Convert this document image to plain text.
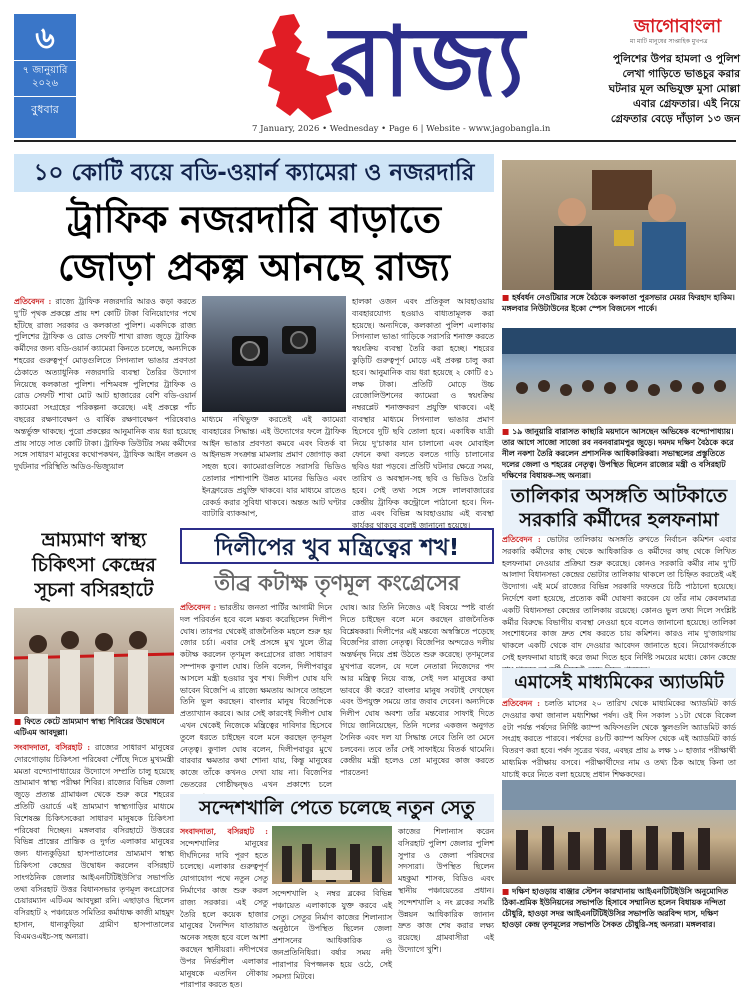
৬
৭ জানুয়ারি
২০২৬
বুধবার	রাজ্য
7 January, 2026 • Wednesday • Page 6 | Website - www.jagobangla.in
জাগোবাংলা
মা মাটি মানুষের সাপ্তাহিক মুখপত্র
পুলিশের উপর হামলা ও পুলিশ
লেখা গাড়িতে ভাঙচুর করার
ঘটনার মূল অভিযুক্ত মুসা মোল্লা
এবার গ্রেফতার। এই নিয়ে
গ্রেফতার বেড়ে দাঁড়াল ১৩ জন
১০ কোটি ব্যয়ে বডি-ওয়ার্ন ক্যামেরা ও নজরদারি
ট্রাফিক নজরদারি বাড়াতে
জোড়া প্রকল্প আনছে রাজ্য
প্রতিবেদন : রাজ্যে ট্রাফিক নজরদারি আরও কড়া করতে দু'টি পৃথক প্রকল্পে প্রায় দশ কোটি টাকা বিনিয়োগের পথে হাঁটছে রাজ্য সরকার ও কলকাতা পুলিশ। একদিকে রাজ্য পুলিশের ট্রাফিক ও রোড সেফটি শাখা রাজ্য জুড়ে ট্রাফিক কর্মীদের জন্য বডি-ওয়ার্ন ক্যামেরা কিনতে চলেছে, অন্যদিকে শহরের গুরুত্বপূর্ণ মোড়গুলিতে সিগন্যাল ভাঙার প্রবণতা ঠেকাতে অত্যাধুনিক নজরদারি ব্যবস্থা তৈরির উদ্যোগ নিয়েছে কলকাতা পুলিশ। পশ্চিমবঙ্গ পুলিশের ট্রাফিক ও রোড সেফটি শাখা মোট আট হাজারের বেশি বডি-ওয়ার্ন ক্যামেরা সংগ্রহের পরিকল্পনা করেছে। এই প্রকল্পে পাঁচ বছরের রক্ষণাবেক্ষণ ও বার্ষিক রক্ষণাবেক্ষণ পরিষেবাও অন্তর্ভুক্ত থাকছে। পুরো প্রকল্পের আনুমানিক ব্যয় ধরা হয়েছে প্রায় সাড়ে সাত কোটি টাকা। ট্রাফিক ডিউটির সময় কর্মীদের সঙ্গে সাধারণ মানুষের কথোপকথন, ট্রাফিক আইন লঙ্ঘন ও দুর্ঘটনার পরিস্থিতি অডিও-ভিজ্যুয়াল
মাধ্যমে নথিভুক্ত করতেই এই ক্যামেরা ব্যবহারের সিদ্ধান্ত। এই উদ্যোগের ফলে ট্রাফিক আইন ভাঙার প্রবণতা কমবে এবং বিতর্ক বা আইনভঙ্গ সংক্রান্ত মামলায় প্রমাণ জোগাড় করা সহজ হবে। ক্যামেরাগুলিতে সরাসরি ভিডিও তোলার পাশাপাশি উন্নত মানের ভিডিও এবং ইনফ্রারেড প্রযুক্তি থাকবে। যার মাধ্যমে রাতেও রেকর্ড করার সুবিধা থাকবে। অন্তত আট ঘণ্টার ব্যাটারি ব্যাকআপ,
হালকা ওজন এবং প্রতিকূল আবহাওয়ায় ব্যবহারযোগ্য হওয়াও বাধ্যতামূলক করা হয়েছে। অন্যদিকে, কলকাতা পুলিশ এলাকায় সিগন্যাল ভাঙা গাড়িকে সরাসরি শনাক্ত করতে স্বয়ংক্রিয় ব্যবস্থা তৈরি করা হচ্ছে। শহরের কুড়িটি গুরুত্বপূর্ণ মোড়ে এই প্রকল্প চালু করা হবে। আনুমানিক ব্যয় ধরা হয়েছে ২ কোটি ৫১ লক্ষ টাকা। প্রতিটি মোড়ে উচ্চ রেজোলিউশনের ক্যামেরা ও স্বয়ংক্রিয় নম্বরপ্লেট শনাক্তকরণ প্রযুক্তি থাকবে। এই ব্যবস্থার মাধ্যমে সিগন্যাল ভাঙার প্রমাণ হিসেবে দুটি ছবি তোলা হবে। একাধিক যাত্রী নিয়ে দু'চাকার যান চালানো এবং মোবাইল ফোনে কথা বলতে বলতে গাড়ি চালানোর ছবিও ধরা পড়বে। প্রতিটি ঘটনার ক্ষেত্রে সময়, তারিখ ও অবস্থান-সহ ছবি ও ভিডিও তৈরি হবে। সেই তথ্য সঙ্গে সঙ্গে লালবাজারের কেন্দ্রীয় ট্রাফিক কন্ট্রোলে পাঠানো হবে। দিন-রাত এবং বিভিন্ন আবহাওয়ায় এই ব্যবস্থা কার্যকর থাকবে বলেই জানানো হয়েছে।
■ হর্ষবর্ধন নেওটিয়ার সঙ্গে বৈঠকে কলকাতা পুরসভার মেয়র ফিরহাদ হাকিম। মঙ্গলবার নিউটাউনের ইকো স্পেস বিজনেস পার্কে।
■ ১৯ জানুয়ারি বারাসত কাছারি ময়দানে আসছেন অভিষেক বন্দ্যোপাধ্যায়। তার আগে সাজো সাজো রব নবনবারামপুর জুড়ে। দমদম দক্ষিণ বৈঠকে করে নীল নকশা তৈরি করলেন প্রশাসনিক আধিকারিকরা। সভাস্থলের প্রস্তুতিতে দলের জেলা ও শহরের নেতৃত্ব। উপস্থিত ছিলেন রাজ্যের মন্ত্রী ও বসিরহাট দক্ষিণের বিধায়ক-সহ অন্যরা।
তালিকার অসঙ্গতি আটকাতে
সরকারি কর্মীদের হলফনামা
প্রতিবেদন : ভোটার তালিকায় অসঙ্গতি রুখতে নির্বাচন কমিশন এবার সরকারি কর্মীদের কাছ থেকে আধিকারিক ও কর্মীদের কাছ থেকে লিখিত হলফনামা নেওয়ার প্রক্রিয়া শুরু করেছে। কোনও সরকারি কর্মীর নাম দু'টি আলাদা বিধানসভা কেন্দ্রের ভোটার তালিকায় থাকলে তা চিহ্নিত করতেই এই উদ্যোগ। এই মর্মে রাজ্যের বিভিন্ন সরকারি দফতরে চিঠি পাঠানো হয়েছে। নির্দেশে বলা হয়েছে, প্রত্যেক কর্মী ঘোষণা করবেন যে তাঁর নাম কেবলমাত্র একটি বিধানসভা কেন্দ্রের তালিকায় রয়েছে। কোনও ভুল তথ্য দিলে সংশ্লিষ্ট কর্মীর বিরুদ্ধে বিভাগীয় ব্যবস্থা নেওয়া হবে বলেও জানানো হয়েছে। তালিকা সংশোধনের কাজ দ্রুত শেষ করতে চায় কমিশন। কারও নাম দু'জায়গায় থাকলে একটি থেকে বাদ দেওয়ার আবেদন জানাতে হবে। নিয়োগকর্তাকে সেই হলফনামা যাচাই করে জমা দিতে হবে নির্দিষ্ট সময়ের মধ্যে। কোন কেন্দ্রে
এমাসেই মাধ্যমিকের অ্যাডমিট
প্রতিবেদন : চলতি মাসের ২০ তারিখ থেকে মাধ্যমিকের অ্যাডমিট কার্ড দেওয়ার কথা জানাল মধ্যশিক্ষা পর্ষদ। ওই দিন সকাল ১১টা থেকে বিকেল ৫টা পর্যন্ত পর্ষদের নির্দিষ্ট ক্যাম্প অফিসগুলি থেকে স্কুলগুলি অ্যাডমিট কার্ড সংগ্রহ করতে পারবে। পর্ষদের ৪৮টি ক্যাম্প অফিস থেকে এই অ্যাডমিট কার্ড বিতরণ করা হবে। পর্ষদ সূত্রের খবর, এবছর প্রায় ৯ লক্ষ ১০ হাজার পরীক্ষার্থী মাধ্যমিক পরীক্ষায় বসবে। পরীক্ষার্থীদের নাম ও তথ্য ঠিক আছে কিনা তা যাচাই করে নিতে বলা হয়েছে প্রধান শিক্ষকদের।
■ দক্ষিণ হাওড়ায় বাঞ্জার স্টেশন কারখানায় আইএনটিটিইউসি অনুমোদিত ঠিকা-শ্রমিক ইউনিয়নের সভাপতি হিসাবে সম্মানিত হলেন বিধায়ক নন্দিতা চৌধুরি, হাওড়া সদর আইএনটিটিইউসির সভাপতি অরবিন্দ দাস, দক্ষিণ হাওড়া কেন্দ্র তৃণমূলের সভাপতি সৈকত চৌধুরি-সহ অন্যরা। মঙ্গলবার।
ভ্রাম্যমাণ স্বাস্থ্য
চিকিৎসা কেন্দ্রের
সূচনা বসিরহাটে
■ ফিতে কেটে ভ্রাম্যমাণ স্বাস্থ্য শিবিরের উদ্বোধনে এটিএম আবদুল্লা।
সংবাদদাতা, বসিরহাট : রাজ্যের সাধারণ মানুষের দোরগোড়ায় চিকিৎসা পরিষেবা পৌঁছে দিতে মুখ্যমন্ত্রী মমতা বন্দ্যোপাধ্যায়ের উদ্যোগে সম্প্রতি চালু হয়েছে ভ্রাম্যমাণ স্বাস্থ্য পরীক্ষা শিবির। রাজ্যের বিভিন্ন জেলা জুড়ে প্রত্যন্ত গ্রামাঞ্চল থেকে শুরু করে শহরের প্রতিটি ওয়ার্ডে এই ভ্রাম্যমাণ স্বাস্থ্যগাড়ির মাধ্যমে বিশেষজ্ঞ চিকিৎসকেরা সাধারণ মানুষকে চিকিৎসা পরিষেবা দিচ্ছেন। মঙ্গলবার বসিরহাটে উত্তরের বিভিন্ন প্রান্তের প্রান্তিক ও দুর্গত এলাকার মানুষের জন্য ধান্যকুড়িয়া হাসপাতালের ভ্রাম্যমাণ স্বাস্থ্য চিকিৎসা কেন্দ্রের উদ্বোধন করলেন বসিরহাট সাংগঠনিক জেলার আইএনটিটিইউসি'র সভাপতি তথা বসিরহাট উত্তর বিধানসভার তৃণমূল কংগ্রেসের চেয়ারম্যান এটিএম আবদুল্লা রনি। এছাড়াও ছিলেন বসিরহাট ২ পঞ্চায়েত সমিতির কর্মাধ্যক্ষ কাজী মাহমুদ হাসান, ধান্যকুড়িয়া গ্রামীণ হাসপাতালের বিএমওএইচ-সহ অন্যরা।
দিলীপের খুব মন্ত্রিত্বের শখ!
তীব্র কটাক্ষ তৃণমূল কংগ্রেসের
প্রতিবেদন : ভারতীয় জনতা পার্টির আগামী দিনে দল পরিবর্তন হবে বলে মন্তব্য করেছিলেন দিলীপ ঘোষ। তারপর থেকেই রাজনৈতিক মহলে শুরু হয় জোর চর্চা। এবার সেই প্রসঙ্গে মুখ খুলে তীব্র কটাক্ষ করলেন তৃণমূল কংগ্রেসের রাজ্য সাধারণ সম্পাদক কুণাল ঘোষ। তিনি বলেন, দিলীপবাবুর আসলে মন্ত্রী হওয়ার খুব শখ। দিলীপ ঘোষ যদি ভাবেন বিজেপি এ রাজ্যে ক্ষমতায় আসবে তাহলে তিনি ভুল করছেন। বাংলার মানুষ বিজেপিকে প্রত্যাখ্যান করবে। আর সেই কারণেই দিলীপ ঘোষ এখন থেকেই নিজেকে মন্ত্রিত্বের দাবিদার হিসেবে তুলে ধরতে চাইছেন বলে মনে করছেন তৃণমূল নেতৃত্ব। কুণাল ঘোষ বলেন, দিলীপবাবুর মুখে বারবার ক্ষমতার কথা শোনা যায়, কিন্তু মানুষের কাজে তাঁকে কখনও দেখা যায় না। বিজেপির ভেতরের গোষ্ঠীদ্বন্দ্বও এখন প্রকাশ্যে চলে
ঘোষ। আর তিনি নিজেও এই বিষয়ে স্পষ্ট বার্তা দিতে চাইছেন বলে মনে করছেন রাজনৈতিক বিশ্লেষকরা। দিলীপের এই মন্তব্যে অস্বস্তিতে পড়েছে বিজেপির রাজ্য নেতৃত্ব। বিজেপির অন্দরেও দলীয় অন্তর্দ্বন্দ্ব নিয়ে প্রশ্ন উঠতে শুরু করেছে। তৃণমূলের মুখপাত্র বলেন, যে দলে নেতারা নিজেদের পদ আর মন্ত্রিত্ব নিয়ে ব্যস্ত, সেই দল মানুষের কথা ভাববে কী করে? বাংলার মানুষ সবটাই দেখছেন এবং উপযুক্ত সময়ে তার জবাব দেবেন। অন্যদিকে দিলীপ ঘোষ অবশ্য তাঁর মন্তব্যের সাফাই দিতে গিয়ে জানিয়েছেন, তিনি দলের একজন অনুগত সৈনিক এবং দল যা সিদ্ধান্ত নেবে তিনি তা মেনে চলবেন। তবে তাঁর সেই সাফাইয়ে বিতর্ক থামেনি। কেন্দ্রীয় মন্ত্রী হলেও তো মানুষের কাজ করতে পারতেন!
সন্দেশখালি পেতে চলেছে নতুন সেতু
সংবাদদাতা, বসিরহাট : সন্দেশখালির মানুষের দীর্ঘদিনের দাবি পূরণ হতে চলেছে। এলাকার গুরুত্বপূর্ণ যোগাযোগ পথে নতুন সেতু নির্মাণের কাজ শুরু করল রাজ্য সরকার। এই সেতু তৈরি হলে কয়েক হাজার মানুষের দৈনন্দিন যাতায়াত অনেক সহজ হবে বলে আশা করছেন স্থানীয়রা। নদীপথের উপর নির্ভরশীল এলাকার মানুষকে এতদিন নৌকায় পারাপার করতে হত।
সন্দেশখালি ২ নম্বর ব্লকের বিভিন্ন পঞ্চায়েত এলাকাকে যুক্ত করবে এই সেতু। সেতুর নির্মাণ কাজের শিলান্যাস অনুষ্ঠানে উপস্থিত ছিলেন জেলা প্রশাসনের আধিকারিক ও জনপ্রতিনিধিরা। বর্ষার সময় নদী পারাপার বিপজ্জনক হয়ে ওঠে, সেই সমস্যা মিটবে।
কাজের শিলান্যাস করেন বসিরহাট পুলিশ জেলার পুলিশ সুপার ও জেলা পরিষদের সদস্যরা। উপস্থিত ছিলেন মহকুমা শাসক, বিডিও এবং স্থানীয় পঞ্চায়েতের প্রধান। সন্দেশখালি ২ নং ব্লকের সমষ্টি উন্নয়ন আধিকারিক জানান দ্রুত কাজ শেষ করার লক্ষ্য রয়েছে। গ্রামবাসীরা এই উদ্যোগে খুশি।
